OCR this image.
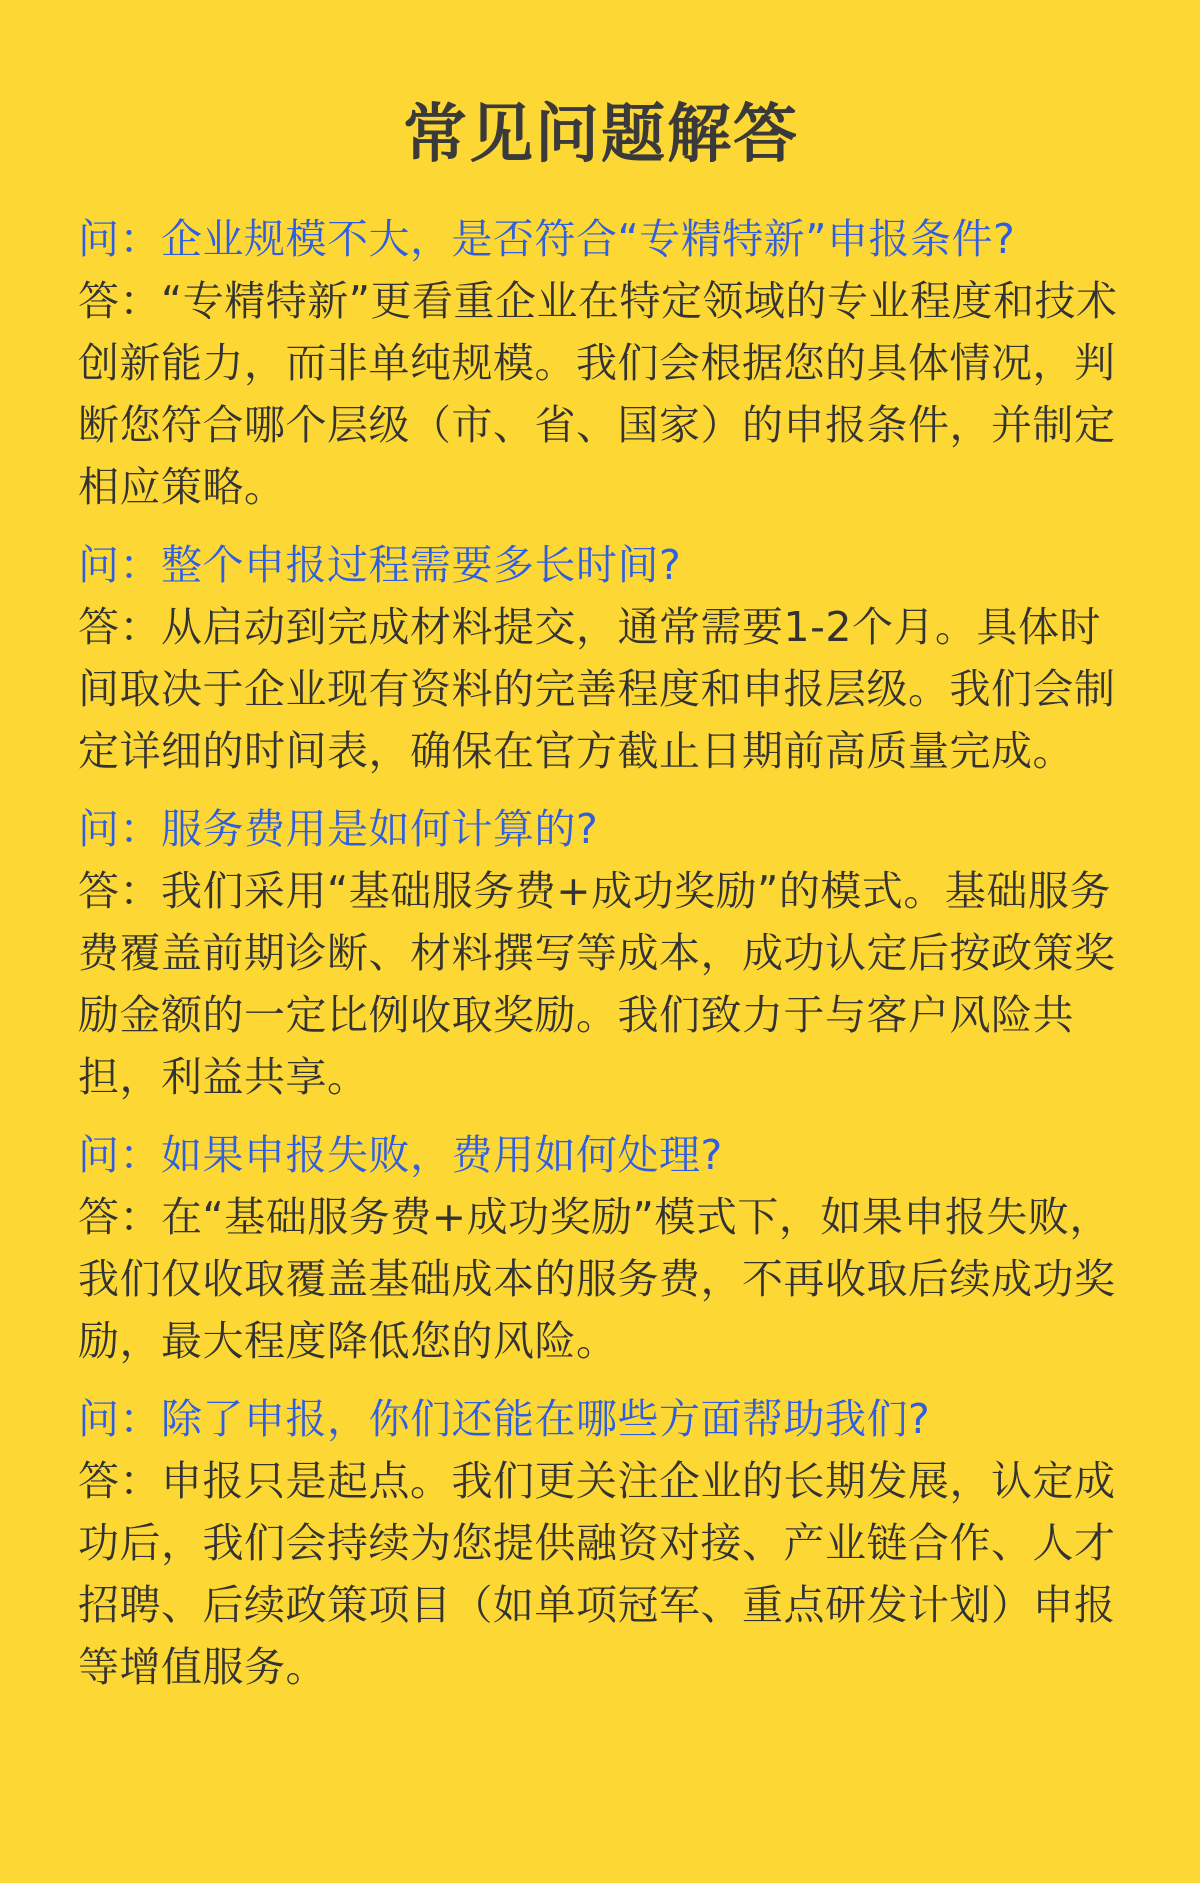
常见问题解答

问：企业规模不大，是否符合“专精特新”申报条件?

答：“专精特新”更看重企业在特定领域的专业程度和技术创新能力，而非单纯规模。我们会根据您的具体情况，判断您符合哪个层级（市、省、国家）的申报条件，并制定相应策略。

问：整个申报过程需要多长时间?

答：从启动到完成材料提交，通常需要1-2个月。具体时间取决于企业现有资料的完善程度和申报层级。我们会制定详细的时间表，确保在官方截止日期前高质量完成。

问：服务费用是如何计算的?

答：我们采用“基础服务费+成功奖励”的模式。基础服务费覆盖前期诊断、材料撰写等成本，成功认定后按政策奖励金额的一定比例收取奖励。我们致力于与客户风险共担，利益共享。

问：如果申报失败，费用如何处理?

答：在“基础服务费+成功奖励”模式下，如果申报失败，我们仅收取覆盖基础成本的服务费，不再收取后续成功奖励，最大程度降低您的风险。

问：除了申报，你们还能在哪些方面帮助我们?

答：申报只是起点。我们更关注企业的长期发展，认定成功后，我们会持续为您提供融资对接、产业链合作、人才招聘、后续政策项目（如单项冠军、重点研发计划）申报等增值服务。
